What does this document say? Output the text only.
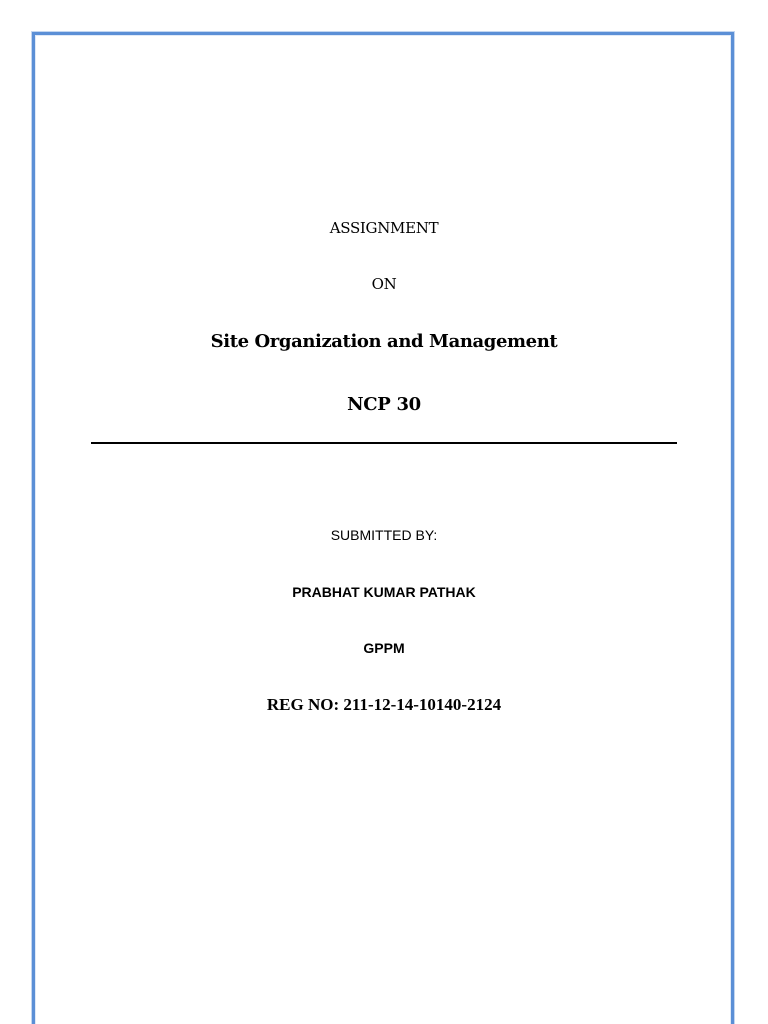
ASSIGNMENT
ON
Site Organization and Management
NCP 30
SUBMITTED BY:
PRABHAT KUMAR PATHAK
GPPM
REG NO: 211-12-14-10140-2124
